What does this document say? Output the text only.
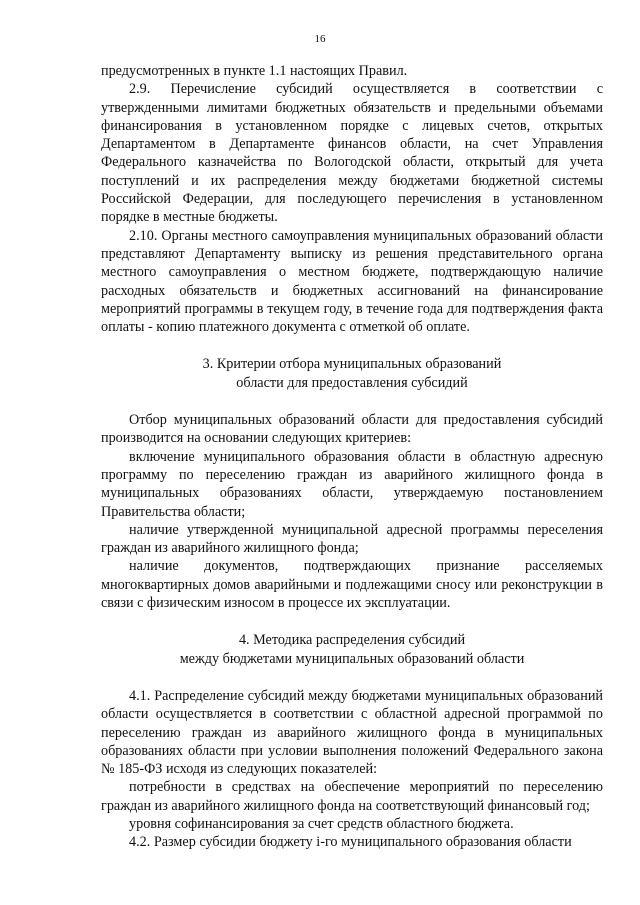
16

предусмотренных в пункте 1.1 настоящих Правил.

2.9. Перечисление субсидий осуществляется в соответствии с утвержденными лимитами бюджетных обязательств и предельными объемами финансирования в установленном порядке с лицевых счетов, открытых Департаментом в Департаменте финансов области, на счет Управления Федерального казначейства по Вологодской области, открытый для учета поступлений и их распределения между бюджетами бюджетной системы Российской Федерации, для последующего перечисления в установленном порядке в местные бюджеты.

2.10. Органы местного самоуправления муниципальных образований области представляют Департаменту выписку из решения представительного органа местного самоуправления о местном бюджете, подтверждающую наличие расходных обязательств и бюджетных ассигнований на финансирование мероприятий программы в текущем году, в течение года для подтверждения факта оплаты - копию платежного документа с отметкой об оплате.

3. Критерии отбора муниципальных образований
области для предоставления субсидий

Отбор муниципальных образований области для предоставления субсидий производится на основании следующих критериев:

включение муниципального образования области в областную адресную программу по переселению граждан из аварийного жилищного фонда в муниципальных образованиях области, утверждаемую постановлением Правительства области;

наличие утвержденной муниципальной адресной программы переселения граждан из аварийного жилищного фонда;

наличие документов, подтверждающих признание расселяемых многоквартирных домов аварийными и подлежащими сносу или реконструкции в связи с физическим износом в процессе их эксплуатации.

4. Методика распределения субсидий
между бюджетами муниципальных образований области

4.1. Распределение субсидий между бюджетами муниципальных образований области осуществляется в соответствии с областной адресной программой по переселению граждан из аварийного жилищного фонда в муниципальных образованиях области при условии выполнения положений Федерального закона № 185-ФЗ исходя из следующих показателей:

потребности в средствах на обеспечение мероприятий по переселению граждан из аварийного жилищного фонда на соответствующий финансовый год;

уровня софинансирования за счет средств областного бюджета.

4.2. Размер субсидии бюджету i-го муниципального образования области
